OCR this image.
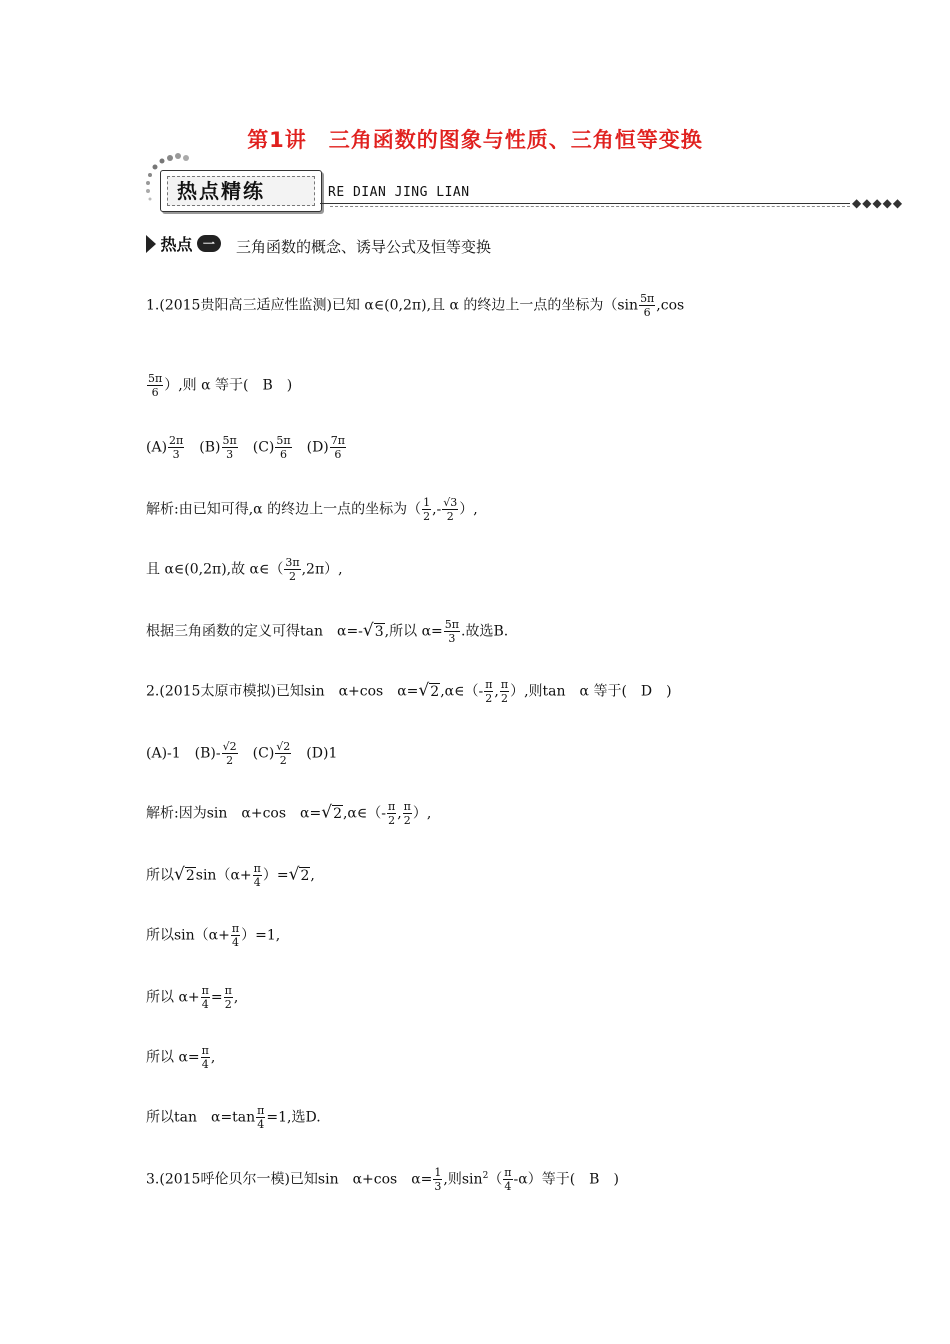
第1讲　三角函数的图象与性质、三角恒等变换
热点精练	RE DIAN JING LIAN
◆◆◆◆◆
热点 一	三角函数的概念、诱导公式及恒等变换
1.(2015贵阳高三适应性监测)已知 α∈(0,2π),且 α 的终边上一点的坐标为（$\sin \frac{5\pi}{6} ,\cos$
$\frac{5\pi}{6}$ ）,则 α 等于(　B　)
$(A) \frac{2\pi}{3}$ 　$(B) \frac{5\pi}{3}$ 　$(C) \frac{5\pi}{6}$ 　$(D) \frac{7\pi}{6}$
解析:由已知可得,α 的终边上一点的坐标为（ $\frac{1}{2}$ ,- $\frac{√3}{2}$ ）,
且 α∈(0,2π),故 α∈（ $\frac{3\pi}{2} ,2\pi$）,
根据三角函数的定义可得tan　α=-√3,所以 $\alpha= \frac{5\pi}{3}$ .故选B.
2.(2015太原市模拟)已知sin　α+cos　α=√2,α∈（- $\frac{\pi}{2}$ , $\frac{\pi}{2}$ ）,则tan　α 等于(　D　)
(A)-1　$(B)- \frac{√2}{2}$ 　$(C) \frac{√2}{2}$ 　(D)1
解析:因为sin　α+cos　α=√2,α∈（- $\frac{\pi}{2}$ , $\frac{\pi}{2}$ ）,
所以$√2\sin(\alpha+ \frac{\pi}{4} )=√2$,
所以$\sin(\alpha+ \frac{\pi}{4} )=1$,
所以 $\alpha+ \frac{\pi}{4} = \frac{\pi}{2}$ ,
所以 $\alpha= \frac{\pi}{4}$ ,
所以tan　$\alpha=\tan \frac{\pi}{4} =1$,选D.
3.(2015呼伦贝尔一模)已知sin　α+cos　$\alpha= \frac{1}{3}$ ,则$\sin^2( \frac{\pi}{4} -\alpha)$等于(　B　)
